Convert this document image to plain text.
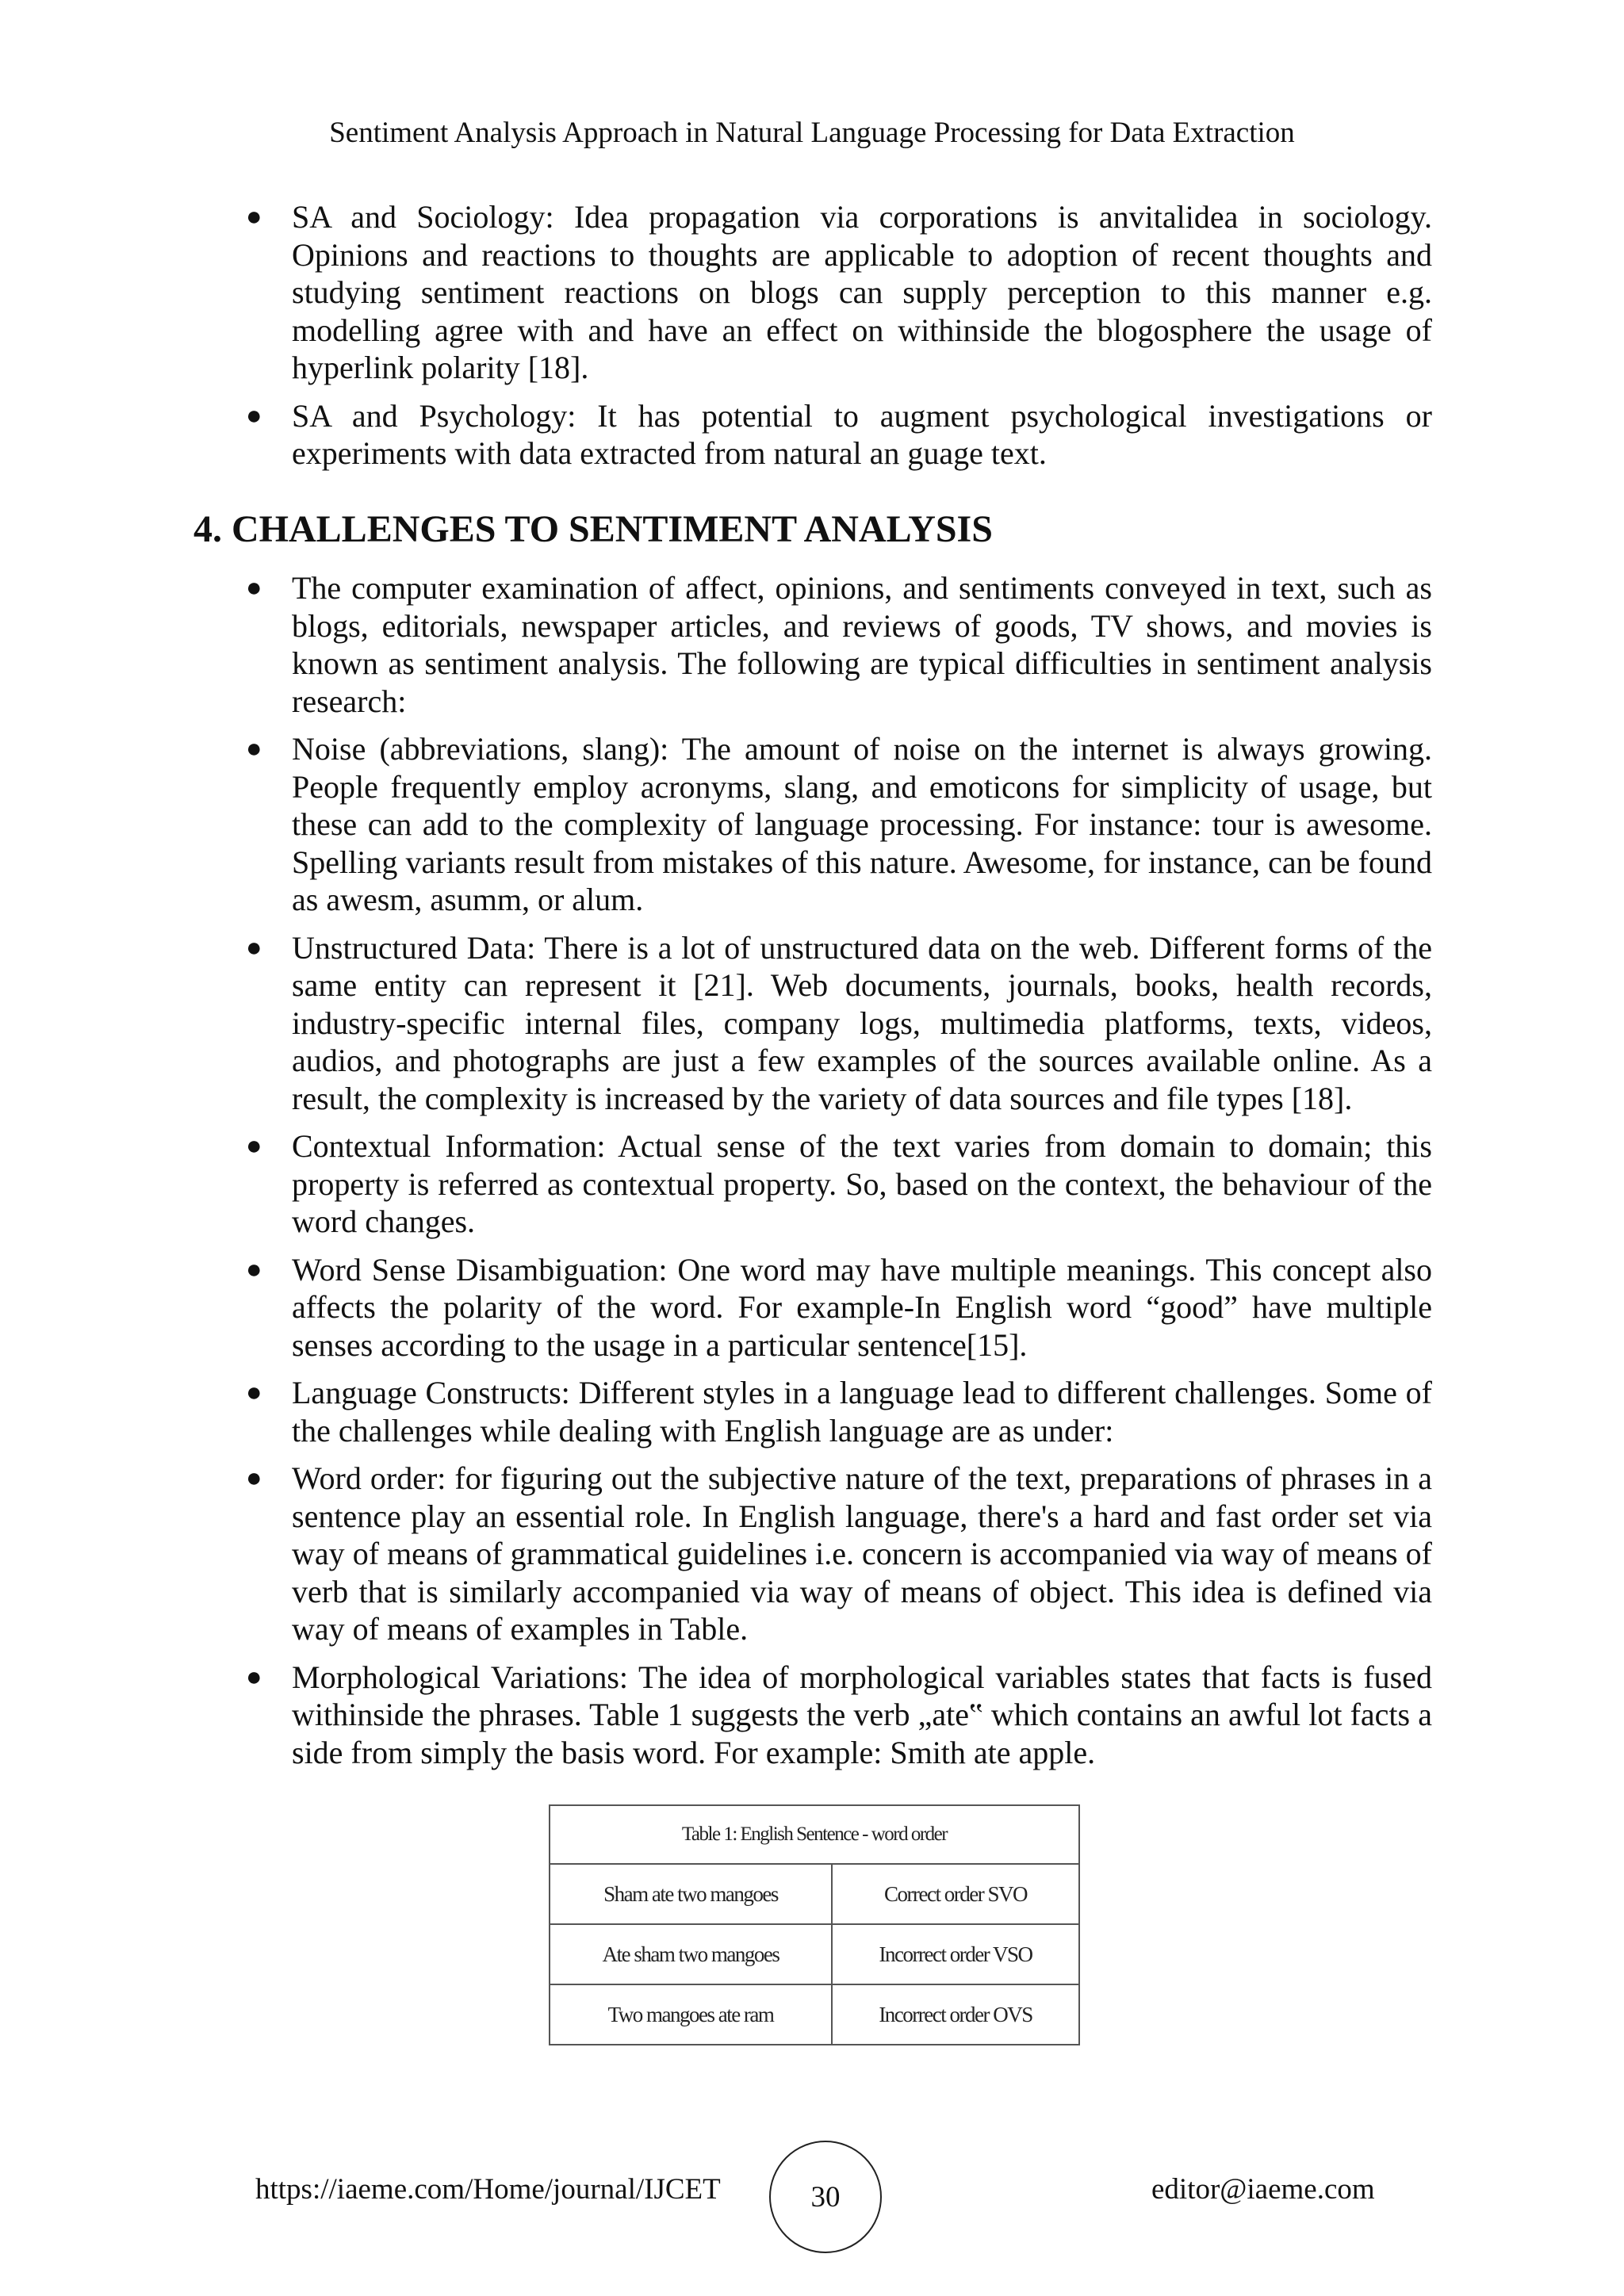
Sentiment Analysis Approach in Natural Language Processing for Data Extraction
● SA and Sociology: Idea propagation via corporations is anvitalidea in sociology. Opinions and reactions to thoughts are applicable to adoption of recent thoughts and studying sentiment reactions on blogs can supply perception to this manner e.g. modelling agree with and have an effect on withinside the blogosphere the usage of hyperlink polarity [18].
● SA and Psychology: It has potential to augment psychological investigations or experiments with data extracted from natural an guage text.
4. CHALLENGES TO SENTIMENT ANALYSIS
● The computer examination of affect, opinions, and sentiments conveyed in text, such as blogs, editorials, newspaper articles, and reviews of goods, TV shows, and movies is known as sentiment analysis. The following are typical difficulties in sentiment analysis research:
● Noise (abbreviations, slang): The amount of noise on the internet is always growing. People frequently employ acronyms, slang, and emoticons for simplicity of usage, but these can add to the complexity of language processing. For instance: tour is awesome. Spelling variants result from mistakes of this nature. Awesome, for instance, can be found as awesm, asumm, or alum.
● Unstructured Data: There is a lot of unstructured data on the web. Different forms of the same entity can represent it [21]. Web documents, journals, books, health records, industry-specific internal files, company logs, multimedia platforms, texts, videos, audios, and photographs are just a few examples of the sources available online. As a result, the complexity is increased by the variety of data sources and file types [18].
● Contextual Information: Actual sense of the text varies from domain to domain; this property is referred as contextual property. So, based on the context, the behaviour of the word changes.
● Word Sense Disambiguation: One word may have multiple meanings. This concept also affects the polarity of the word. For example-In English word “good” have multiple senses according to the usage in a particular sentence[15].
● Language Constructs: Different styles in a language lead to different challenges. Some of the challenges while dealing with English language are as under:
● Word order: for figuring out the subjective nature of the text, preparations of phrases in a sentence play an essential role. In English language, there's a hard and fast order set via way of means of grammatical guidelines i.e. concern is accompanied via way of means of verb that is similarly accompanied via way of means of object. This idea is defined via way of means of examples in Table.
● Morphological Variations: The idea of morphological variables states that facts is fused withinside the phrases. Table 1 suggests the verb „ate‟ which contains an awful lot facts a side from simply the basis word. For example: Smith ate apple.
Table 1: English Sentence - word order	
Sham ate two mangoes	Correct order SVO
Ate sham two mangoes	Incorrect order VSO
Two mangoes ate ram	Incorrect order OVS
https://iaeme.com/Home/journal/IJCET	30	editor@iaeme.com
